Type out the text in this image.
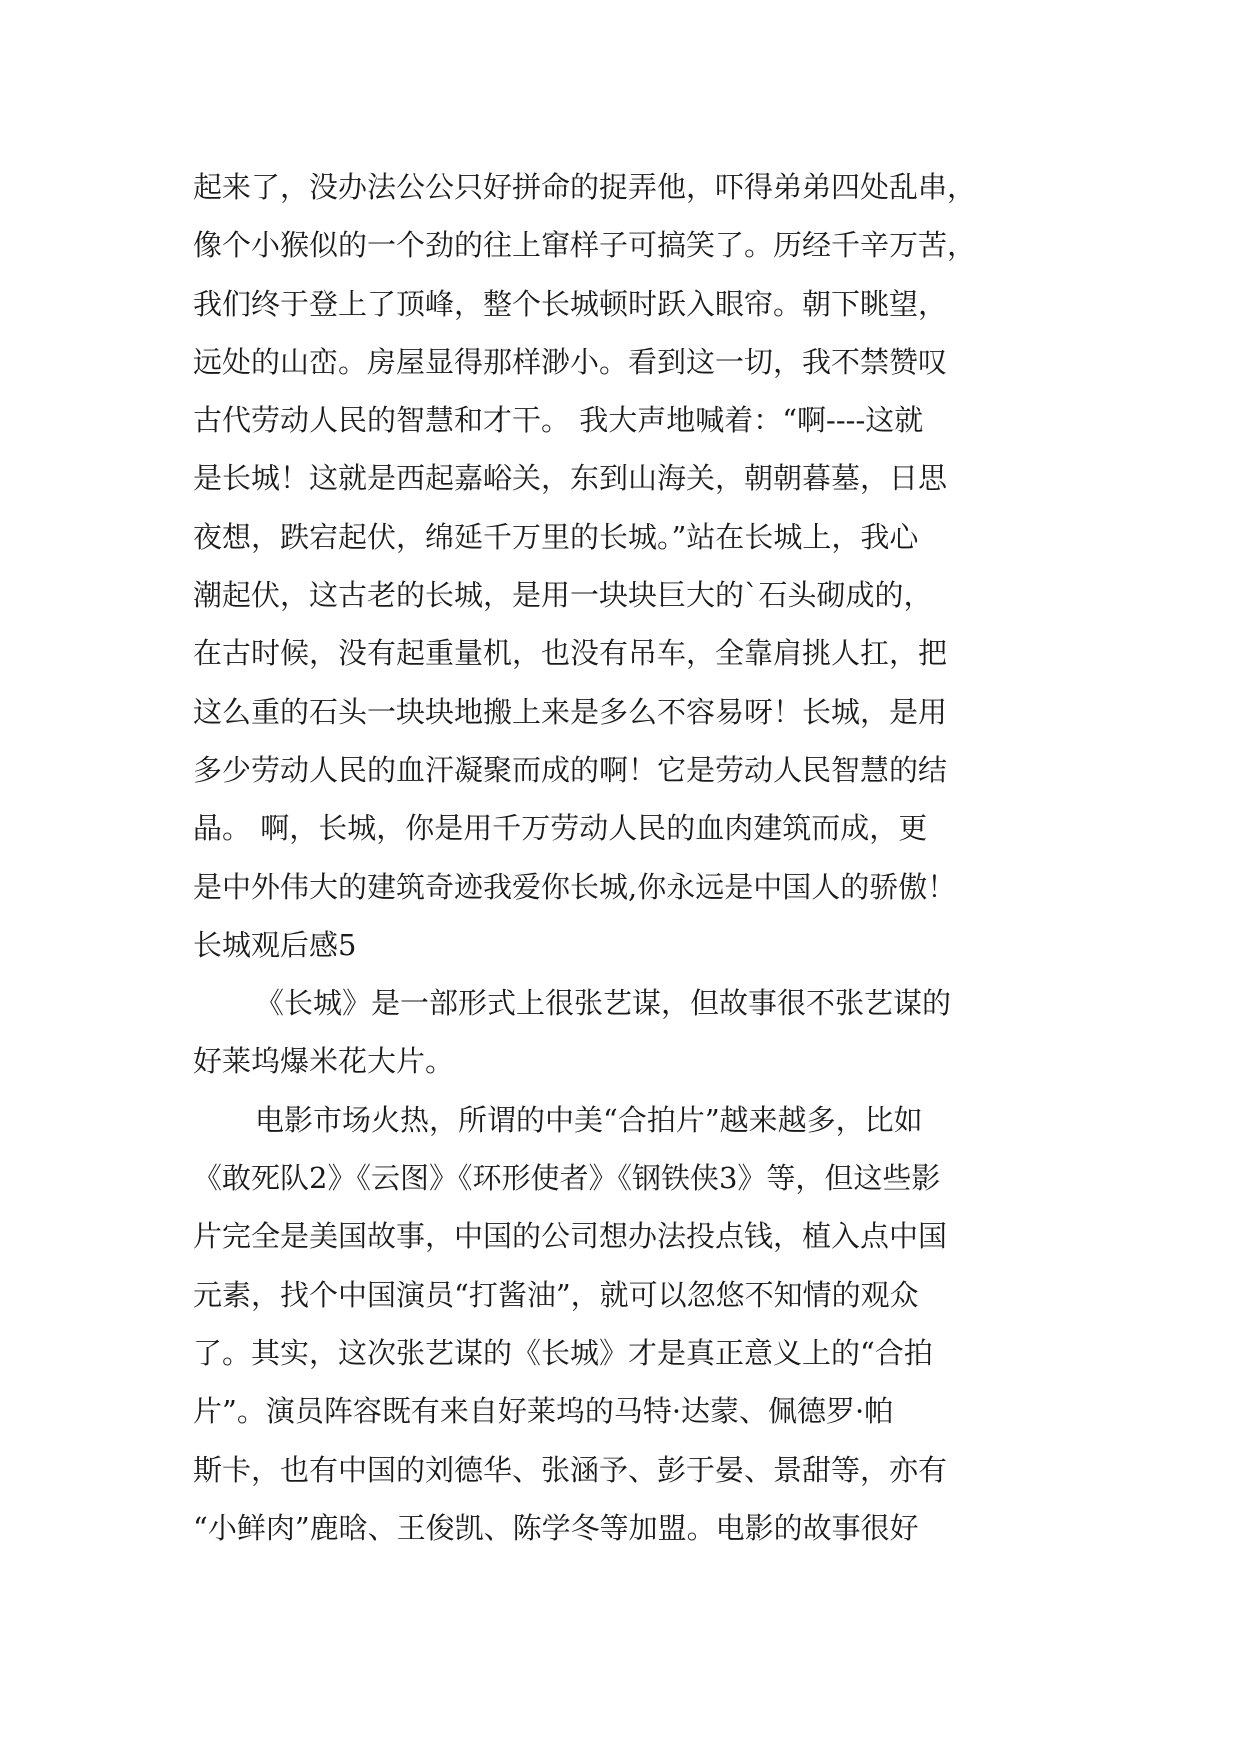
起来了，没办法公公只好拼命的捉弄他，吓得弟弟四处乱串，
像个小猴似的一个劲的往上窜样子可搞笑了。历经千辛万苦，
我们终于登上了顶峰，整个长城顿时跃入眼帘。朝下眺望，
远处的山峦。房屋显得那样渺小。看到这一切，我不禁赞叹
古代劳动人民的智慧和才干。 我大声地喊着：“啊----这就
是长城！这就是西起嘉峪关，东到山海关，朝朝暮墓，日思
夜想，跌宕起伏，绵延千万里的长城。”站在长城上，我心
潮起伏，这古老的长城，是用一块块巨大的`石头砌成的，
在古时候，没有起重量机，也没有吊车，全靠肩挑人扛，把
这么重的石头一块块地搬上来是多么不容易呀！长城，是用
多少劳动人民的血汗凝聚而成的啊！它是劳动人民智慧的结
晶。 啊，长城，你是用千万劳动人民的血肉建筑而成，更
是中外伟大的建筑奇迹我爱你长城,你永远是中国人的骄傲！
长城观后感5
《长城》是一部形式上很张艺谋，但故事很不张艺谋的
好莱坞爆米花大片。
电影市场火热，所谓的中美“合拍片”越来越多，比如
《敢死队2》《云图》《环形使者》《钢铁侠3》等，但这些影
片完全是美国故事，中国的公司想办法投点钱，植入点中国
元素，找个中国演员“打酱油”，就可以忽悠不知情的观众
了。其实，这次张艺谋的《长城》才是真正意义上的“合拍
片”。演员阵容既有来自好莱坞的马特·达蒙、佩德罗·帕
斯卡，也有中国的刘德华、张涵予、彭于晏、景甜等，亦有
“小鲜肉”鹿晗、王俊凯、陈学冬等加盟。电影的故事很好
